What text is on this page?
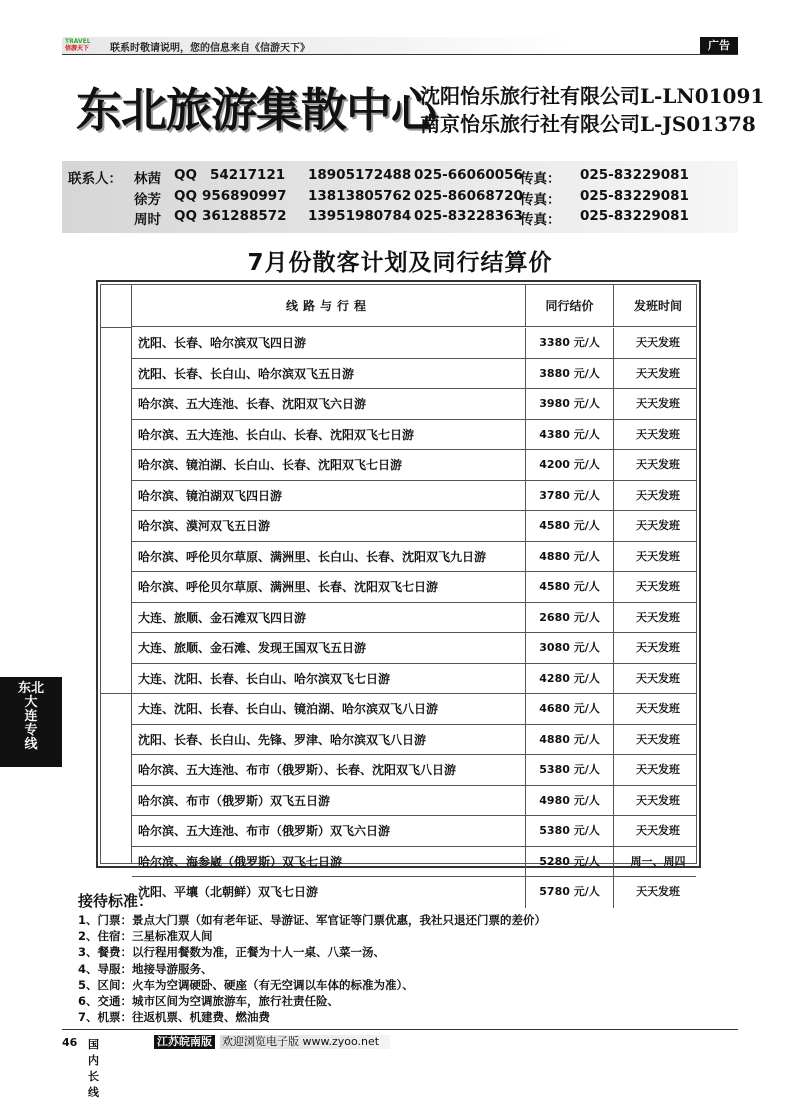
TRAVEL
信游天下	联系时敬请说明，您的信息来自《信游天下》	广告
东北旅游集散中心
沈阳怡乐旅行社有限公司L-LN01091
南京怡乐旅行社有限公司L-JS01378
联系人： 林茜 QQ 54217121 18905172488 025-66060056
传真： 025-83229081
徐芳 QQ 956890997 13813805762 025-86068720
传真： 025-83229081
周时 QQ 361288572 13951980784 025-83228363
传真： 025-83229081
7月份散客计划及同行结算价
线路与行程	同行结价	发班时间
沈阳、长春、哈尔滨双飞四日游	3380 元/人	天天发班
沈阳、长春、长白山、哈尔滨双飞五日游	3880 元/人	天天发班
哈尔滨、五大连池、长春、沈阳双飞六日游	3980 元/人	天天发班
哈尔滨、五大连池、长白山、长春、沈阳双飞七日游	4380 元/人	天天发班
哈尔滨、镜泊湖、长白山、长春、沈阳双飞七日游	4200 元/人	天天发班
哈尔滨、镜泊湖双飞四日游	3780 元/人	天天发班
哈尔滨、漠河双飞五日游	4580 元/人	天天发班
哈尔滨、呼伦贝尔草原、满洲里、长白山、长春、沈阳双飞九日游	4880 元/人	天天发班
哈尔滨、呼伦贝尔草原、满洲里、长春、沈阳双飞七日游	4580 元/人	天天发班
大连、旅顺、金石滩双飞四日游	2680 元/人	天天发班
大连、旅顺、金石滩、发现王国双飞五日游	3080 元/人	天天发班
大连、沈阳、长春、长白山、哈尔滨双飞七日游	4280 元/人	天天发班
大连、沈阳、长春、长白山、镜泊湖、哈尔滨双飞八日游	4680 元/人	天天发班
沈阳、长春、长白山、先锋、罗津、哈尔滨双飞八日游	4880 元/人	天天发班
哈尔滨、五大连池、布市（俄罗斯）、长春、沈阳双飞八日游	5380 元/人	天天发班
哈尔滨、布市（俄罗斯）双飞五日游	4980 元/人	天天发班
哈尔滨、五大连池、布市（俄罗斯）双飞六日游	5380 元/人	天天发班
哈尔滨、海参崴（俄罗斯）双飞七日游	5280 元/人	周一、周四
沈阳、平壤（北朝鲜）双飞七日游	5780 元/人	天天发班
东北
大
连
专
线
接待标准：
1、门票：景点大门票（如有老年证、导游证、军官证等门票优惠，我社只退还门票的差价）
2、住宿：三星标准双人间
3、餐费：以行程用餐数为准，正餐为十人一桌、八菜一汤、
4、导服：地接导游服务、
5、区间：火车为空调硬卧、硬座（有无空调以车体的标准为准）、
6、交通：城市区间为空调旅游车，旅行社责任险、
7、机票：往返机票、机建费、燃油费
46 国内长线
江苏皖南版 欢迎浏览电子版 www.zyoo.net
